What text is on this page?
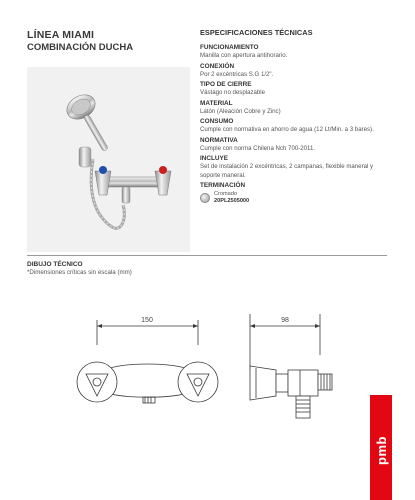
LÍNEA MIAMI
COMBINACIÓN DUCHA
ESPECIFICACIONES TÉCNICAS
FUNCIONAMIENTO
Manilla con apertura antihorario.
CONEXIÓN
Por 2 excéntricas S.G 1/2".
TIPO DE CIERRE
Vástago no desplazable
MATERIAL
Latón (Aleación Cobre y Zinc)
CONSUMO
Cumple con normativa en ahorro de agua (12 Lt/Min. a 3 bares).
NORMATIVA
Cumple con norma Chilena Nch 700-2011.
INCLUYE
Set de instalación 2 excéntricas, 2 campanas, flexible maneral y soporte maneral.
TERMINACIÓN
Cromado
20PL2505000
DIBUJO TÉCNICO
*Dimensiones críticas sin escala (mm)
150	98
pmb
